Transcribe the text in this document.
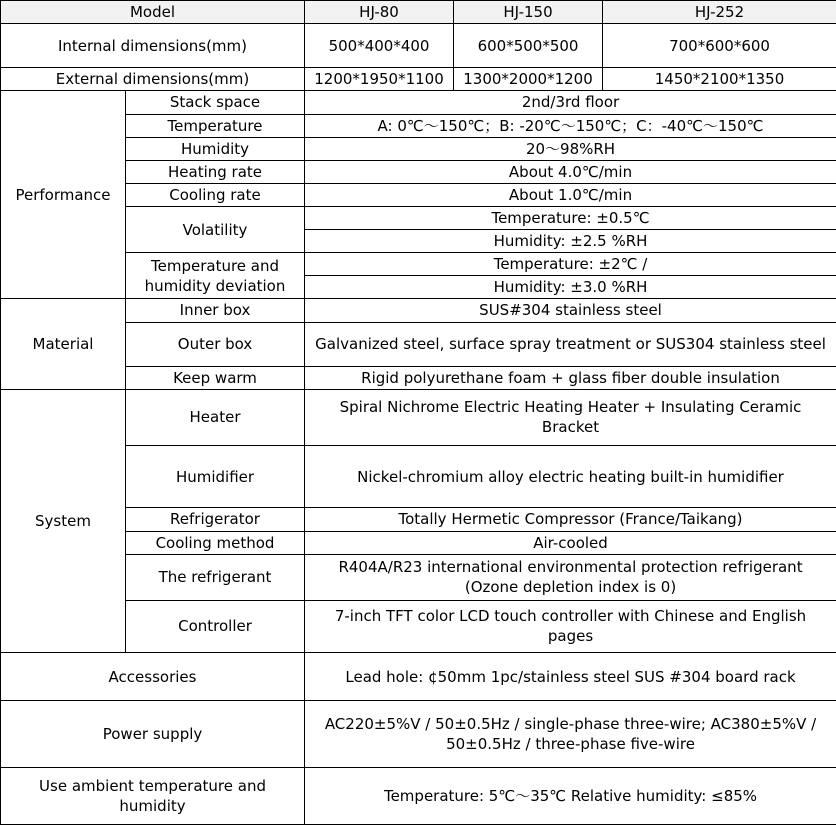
Model		HJ-80	HJ-150	HJ-252
Internal dimensions(mm)		500*400*400	600*500*500	700*600*600
External dimensions(mm)		1200*1950*1100	1300*2000*1200	1450*2100*1350
Performance	Stack space	2nd/3rd floor		
	Temperature	A: 0℃～150℃；B: -20℃～150℃；C：-40℃～150℃		
	Humidity	20～98%RH		
	Heating rate	About 4.0℃/min		
	Cooling rate	About 1.0℃/min		
	Volatility	Temperature: ±0.5℃		
		Humidity: ±2.5 %RH		
	Temperature and humidity deviation	Temperature: ±2℃ /		
		Humidity: ±3.0 %RH		
Material	Inner box	SUS#304 stainless steel		
	Outer box	Galvanized steel, surface spray treatment or SUS304 stainless steel		
	Keep warm	Rigid polyurethane foam + glass fiber double insulation		
System	Heater	Spiral Nichrome Electric Heating Heater + Insulating Ceramic Bracket		
	Humidifier	Nickel-chromium alloy electric heating built-in humidifier		
	Refrigerator	Totally Hermetic Compressor (France/Taikang)		
	Cooling method	Air-cooled		
	The refrigerant	R404A/R23 international environmental protection refrigerant (Ozone depletion index is 0)		
	Controller	7-inch TFT color LCD touch controller with Chinese and English pages		
Accessories		Lead hole: ¢50mm 1pc/stainless steel SUS #304 board rack		
Power supply		AC220±5%V / 50±0.5Hz / single-phase three-wire; AC380±5%V / 50±0.5Hz / three-phase five-wire		
Use ambient temperature and humidity		Temperature: 5℃～35℃ Relative humidity: ≤85%		
